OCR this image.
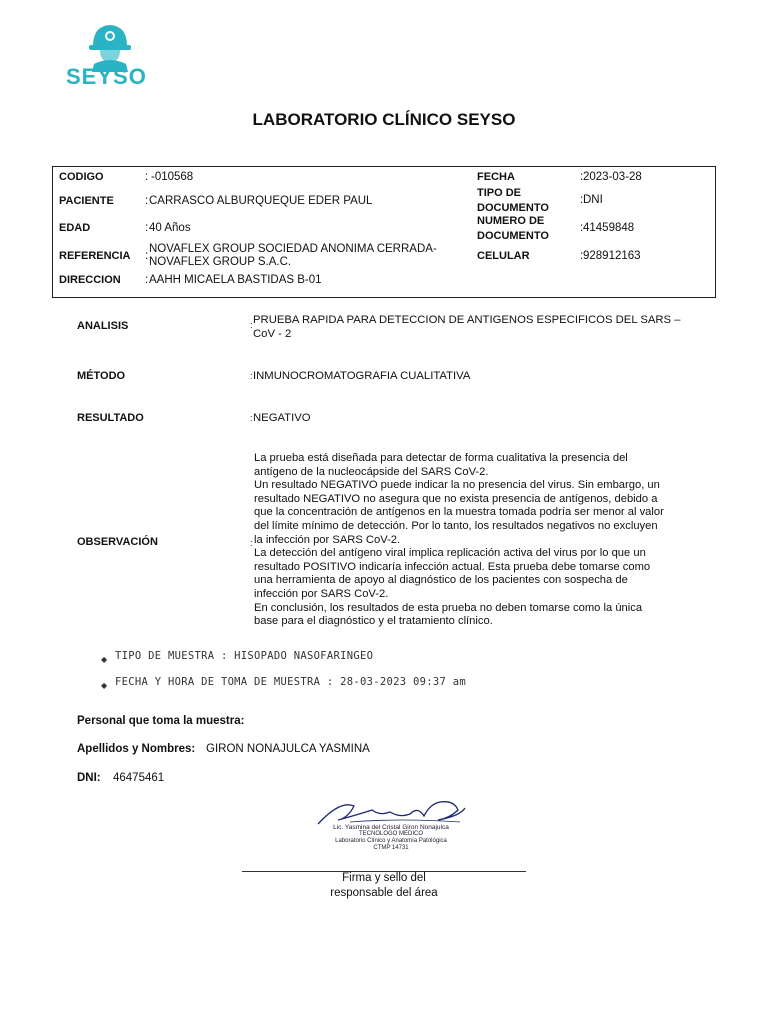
SEYSO
LABORATORIO CLÍNICO SEYSO
CODIGO	: -010568
PACIENTE	: CARRASCO ALBURQUEQUE EDER PAUL
EDAD	: 40 Años
REFERENCIA :
NOVAFLEX GROUP SOCIEDAD ANONIMA CERRADA-
NOVAFLEX GROUP S.A.C.
DIRECCION : AAHH MICAELA BASTIDAS B-01
FECHA	: 2023-03-28
TIPO DE
DOCUMENTO
: DNI
NUMERO DE
DOCUMENTO
: 41459848
CELULAR	: 928912163
ANALISIS	: PRUEBA RAPIDA PARA DETECCION DE ANTIGENOS ESPECIFICOS DEL SARS –
CoV - 2
MÉTODO	: INMUNOCROMATOGRAFIA CUALITATIVA
RESULTADO	: NEGATIVO
OBSERVACIÓN	:
La prueba está diseñada para detectar de forma cualitativa la presencia del
antígeno de la nucleocápside del SARS CoV-2.
Un resultado NEGATIVO puede indicar la no presencia del virus. Sin embargo, un
resultado NEGATIVO no asegura que no exista presencia de antígenos, debido a
que la concentración de antígenos en la muestra tomada podría ser menor al valor
del límite mínimo de detección. Por lo tanto, los resultados negativos no excluyen
la infección por SARS CoV-2.
La detección del antígeno viral implica replicación activa del virus por lo que un
resultado POSITIVO indicaría infección actual. Esta prueba debe tomarse como
una herramienta de apoyo al diagnóstico de los pacientes con sospecha de
infección por SARS CoV-2.
En conclusión, los resultados de esta prueba no deben tomarse como la única
base para el diagnóstico y el tratamiento clínico.
◆ TIPO DE MUESTRA : HISOPADO NASOFARINGEO
◆ FECHA Y HORA DE TOMA DE MUESTRA : 28-03-2023 09:37 am
Personal que toma la muestra:
Apellidos y Nombres: GIRON NONAJULCA YASMINA
DNI: 46475461
Lic. Yasmina del Cristal Giron Nonajulca
TECNOLOGO MEDICO
Laboratorio Clínico y Anatomía Patológica
CTMP 14731
Firma y sello del
responsable del área
